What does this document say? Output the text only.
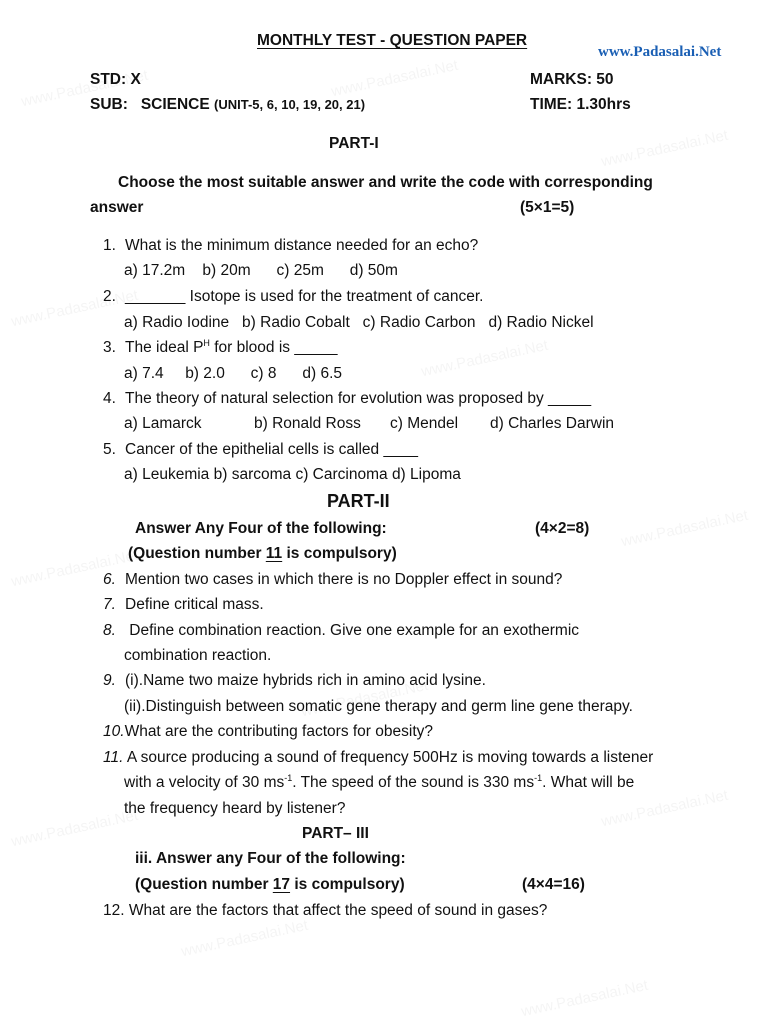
MONTHLY TEST - QUESTION PAPER
www.Padasalai.Net
STD: X	MARKS: 50
SUB: SCIENCE (UNIT-5, 6, 10, 19, 20, 21)	TIME: 1.30hrs
PART-I
Choose the most suitable answer and write the code with corresponding
answer	(5×1=5)
1. What is the minimum distance needed for an echo?
a) 17.2m b) 20m c) 25m d) 50m
2. _______ Isotope is used for the treatment of cancer.
a) Radio Iodine b) Radio Cobalt c) Radio Carbon d) Radio Nickel
3. The ideal $P^H$ for blood is _____
a) 7.4 b) 2.0 c) 8 d) 6.5
4. The theory of natural selection for evolution was proposed by _____
a) Lamarck	b) Ronald Ross c) Mendel d) Charles Darwin
5. Cancer of the epithelial cells is called ____
a) Leukemia b) sarcoma c) Carcinoma d) Lipoma
PART-II
Answer Any Four of the following:	(4×2=8)
(Question number 11 is compulsory)
6. Mention two cases in which there is no Doppler effect in sound?
7. Define critical mass.
8. Define combination reaction. Give one example for an exothermic
combination reaction.
9. (i).Name two maize hybrids rich in amino acid lysine.
(ii).Distinguish between somatic gene therapy and germ line gene therapy.
10.What are the contributing factors for obesity?
11. A source producing a sound of frequency 500Hz is moving towards a listener
with a velocity of 30 $ms^{-1}$. The speed of the sound is 330 $ms^{-1}$. What will be
the frequency heard by listener?
PART– III
iii. Answer any Four of the following:
(Question number 17 is compulsory)	(4×4=16)
12. What are the factors that affect the speed of sound in gases?
